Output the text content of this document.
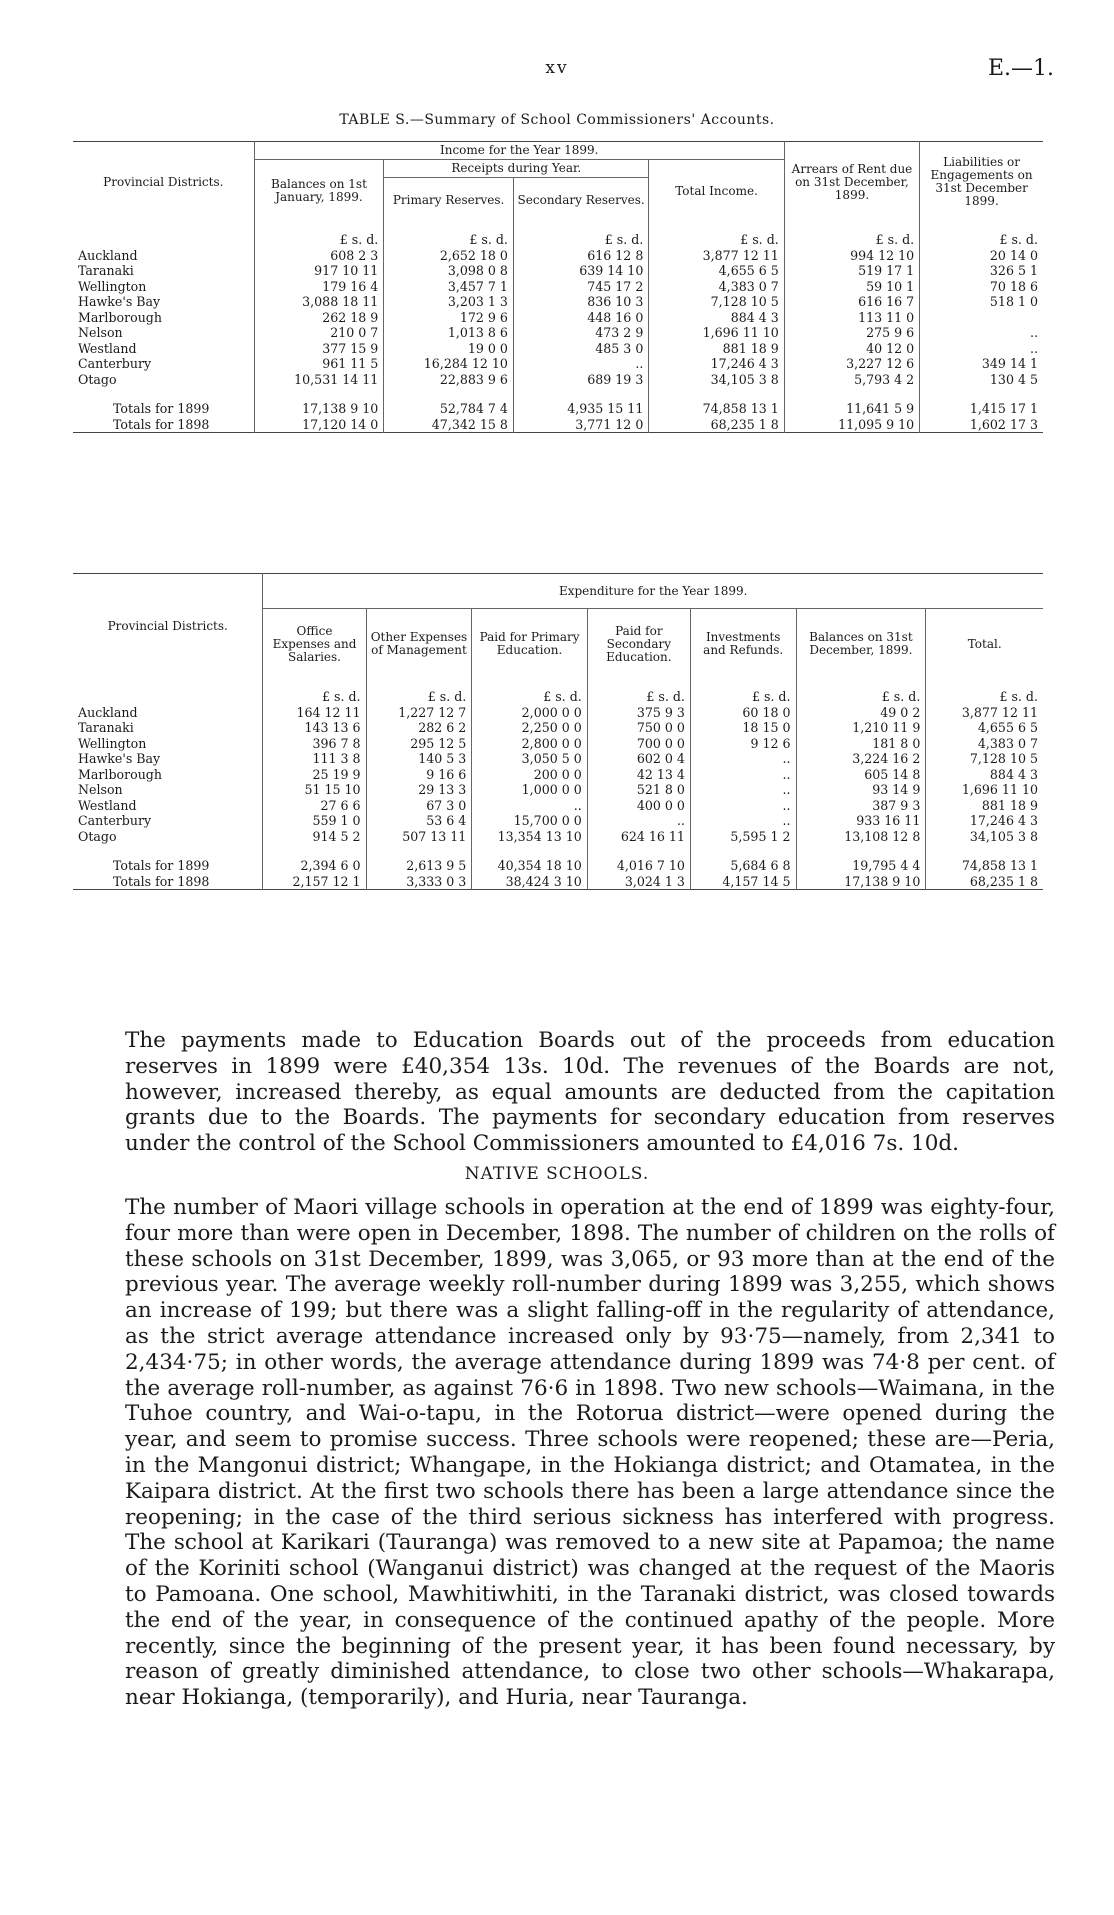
xv	E.—1.
TABLE S.—Summary of School Commissioners' Accounts.
Provincial Districts.	Income for the Year 1899.				Arrears of Rent due on 31st December, 1899.	Liabilities or Engagements on 31st December 1899.
	Balances on 1st January, 1899.	Receipts during Year.		Total Income.		
		Primary Reserves.	Secondary Reserves.			
	£ s. d.	£ s. d.	£ s. d.	£ s. d.	£ s. d.	£ s. d.
Auckland	608 2 3	2,652 18 0	616 12 8	3,877 12 11	994 12 10	20 14 0
Taranaki	917 10 11	3,098 0 8	639 14 10	4,655 6 5	519 17 1	326 5 1
Wellington	179 16 4	3,457 7 1	745 17 2	4,383 0 7	59 10 1	70 18 6
Hawke's Bay	3,088 18 11	3,203 1 3	836 10 3	7,128 10 5	616 16 7	518 1 0
Marlborough	262 18 9	172 9 6	448 16 0	884 4 3	113 11 0	
Nelson	210 0 7	1,013 8 6	473 2 9	1,696 11 10	275 9 6	..
Westland	377 15 9	19 0 0	485 3 0	881 18 9	40 12 0	..
Canterbury	961 11 5	16,284 12 10	..	17,246 4 3	3,227 12 6	349 14 1
Otago	10,531 14 11	22,883 9 6	689 19 3	34,105 3 8	5,793 4 2	130 4 5

Totals for 1899	17,138 9 10	52,784 7 4	4,935 15 11	74,858 13 1	11,641 5 9	1,415 17 1
Totals for 1898	17,120 14 0	47,342 15 8	3,771 12 0	68,235 1 8	11,095 9 10	1,602 17 3
Provincial Districts.	Expenditure for the Year 1899.						
	Office Expenses and Salaries.	Other Expenses of Management	Paid for Primary Education.	Paid for Secondary Education.	Investments and Refunds.	Balances on 31st December, 1899.	Total.
	£ s. d.	£ s. d.	£ s. d.	£ s. d.	£ s. d.	£ s. d.	£ s. d.
Auckland	164 12 11	1,227 12 7	2,000 0 0	375 9 3	60 18 0	49 0 2	3,877 12 11
Taranaki	143 13 6	282 6 2	2,250 0 0	750 0 0	18 15 0	1,210 11 9	4,655 6 5
Wellington	396 7 8	295 12 5	2,800 0 0	700 0 0	9 12 6	181 8 0	4,383 0 7
Hawke's Bay	111 3 8	140 5 3	3,050 5 0	602 0 4	..	3,224 16 2	7,128 10 5
Marlborough	25 19 9	9 16 6	200 0 0	42 13 4	..	605 14 8	884 4 3
Nelson	51 15 10	29 13 3	1,000 0 0	521 8 0	..	93 14 9	1,696 11 10
Westland	27 6 6	67 3 0	..	400 0 0	..	387 9 3	881 18 9
Canterbury	559 1 0	53 6 4	15,700 0 0	..	..	933 16 11	17,246 4 3
Otago	914 5 2	507 13 11	13,354 13 10	624 16 11	5,595 1 2	13,108 12 8	34,105 3 8

Totals for 1899	2,394 6 0	2,613 9 5	40,354 18 10	4,016 7 10	5,684 6 8	19,795 4 4	74,858 13 1
Totals for 1898	2,157 12 1	3,333 0 3	38,424 3 10	3,024 1 3	4,157 14 5	17,138 9 10	68,235 1 8
The payments made to Education Boards out of the proceeds from education reserves in 1899 were £40,354 13s. 10d. The revenues of the Boards are not, however, increased thereby, as equal amounts are deducted from the capitation grants due to the Boards. The payments for secondary education from reserves under the control of the School Commissioners amounted to £4,016 7s. 10d.
NATIVE SCHOOLS.
The number of Maori village schools in operation at the end of 1899 was eighty-four, four more than were open in December, 1898. The number of children on the rolls of these schools on 31st December, 1899, was 3,065, or 93 more than at the end of the previous year. The average weekly roll-number during 1899 was 3,255, which shows an increase of 199; but there was a slight falling-off in the regularity of attendance, as the strict average attendance increased only by 93·75—namely, from 2,341 to 2,434·75; in other words, the average attendance during 1899 was 74·8 per cent. of the average roll-number, as against 76·6 in 1898. Two new schools—Waimana, in the Tuhoe country, and Wai-o-tapu, in the Rotorua district—were opened during the year, and seem to promise success. Three schools were reopened; these are—Peria, in the Mangonui district; Whangape, in the Hokianga district; and Otamatea, in the Kaipara district. At the first two schools there has been a large attendance since the reopening; in the case of the third serious sickness has interfered with progress. The school at Karikari (Tauranga) was removed to a new site at Papamoa; the name of the Koriniti school (Wanganui district) was changed at the request of the Maoris to Pamoana. One school, Mawhitiwhiti, in the Taranaki district, was closed towards the end of the year, in consequence of the continued apathy of the people. More recently, since the beginning of the present year, it has been found necessary, by reason of greatly diminished attendance, to close two other schools—Whakarapa, near Hokianga, (temporarily), and Huria, near Tauranga.
